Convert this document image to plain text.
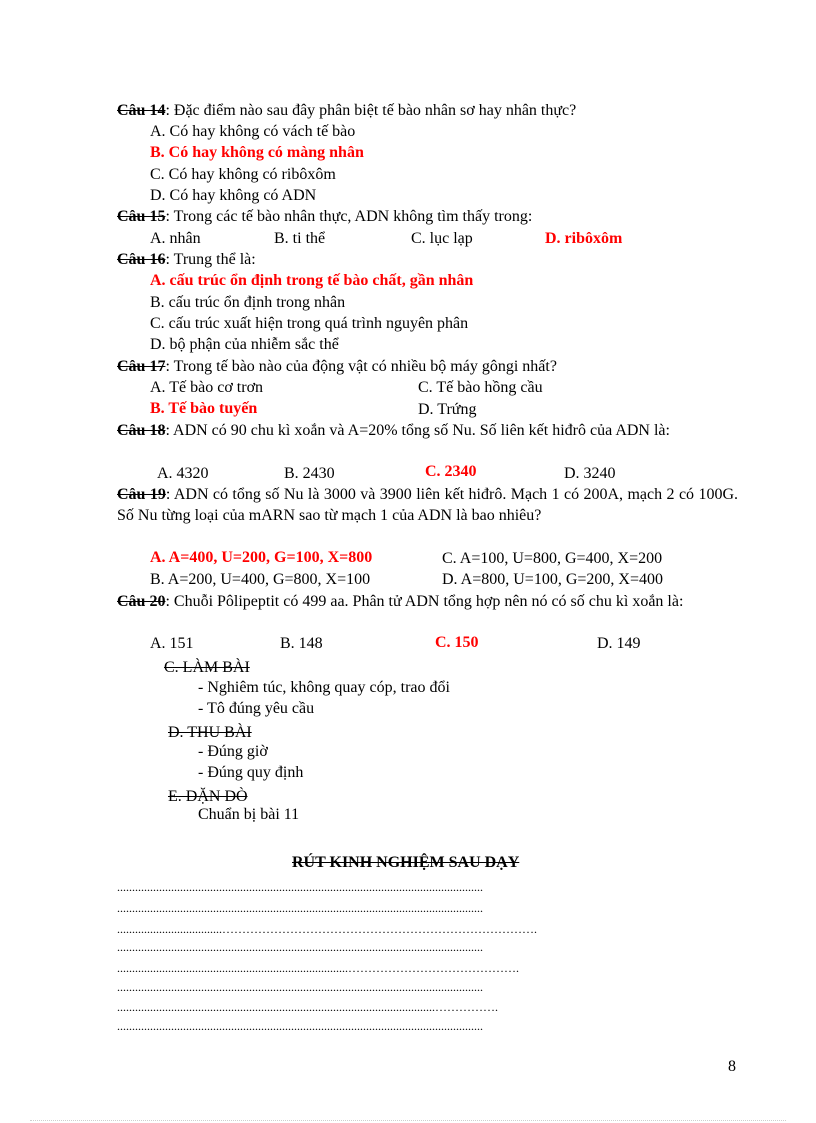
Câu 14: Đặc điểm nào sau đây phân biệt tế bào nhân sơ hay nhân thực?
A. Có hay không có vách tế bào
B. Có hay không có màng nhân
C. Có hay không có ribôxôm
D. Có hay không có ADN
Câu 15: Trong các tế bào nhân thực, ADN không tìm thấy trong:
A. nhân	B. ti thể	C. lục lạp	D. ribôxôm
Câu 16: Trung thể là:
A. cấu trúc ổn định trong tế bào chất, gần nhân
B. cấu trúc ổn định trong nhân
C. cấu trúc xuất hiện trong quá trình nguyên phân
D. bộ phận của nhiễm sắc thể
Câu 17: Trong tế bào nào của động vật có nhiều bộ máy gôngi nhất?
A. Tế bào cơ trơn	C. Tế bào hồng cầu
B. Tế bào tuyến	D. Trứng
Câu 18: ADN có 90 chu kì xoắn và A=20% tổng số Nu. Số liên kết hiđrô của ADN là:
A. 4320	B. 2430	C. 2340	D. 3240
Câu 19: ADN có tổng số Nu là 3000 và 3900 liên kết hiđrô. Mạch 1 có 200A, mạch 2 có 100G. Số Nu từng loại của mARN sao từ mạch 1 của ADN là bao nhiêu?
A. A=400, U=200, G=100, X=800	C. A=100, U=800, G=400, X=200
B. A=200, U=400, G=800, X=100	D. A=800, U=100, G=200, X=400
Câu 20: Chuỗi Pôlipeptit có 499 aa. Phân tử ADN tổng hợp nên nó có số chu kì xoắn là:
A. 151	B. 148	C. 150	D. 149
C. LÀM BÀI
- Nghiêm túc, không quay cóp, trao đổi
- Tô đúng yêu cầu
D. THU BÀI
- Đúng giờ
- Đúng quy định
E. DẶN DÒ
Chuẩn bị bài 11
RÚT KINH NGHIỆM SAU DẠY
..........................................................................................................................
..........................................................................................................................
...................................…………………………………………………………………….
..........................................................................................................................
.............................................................................…………………………………….
..........................................................................................................................
..........................................................................................................…………….
..........................................................................................................................
8
